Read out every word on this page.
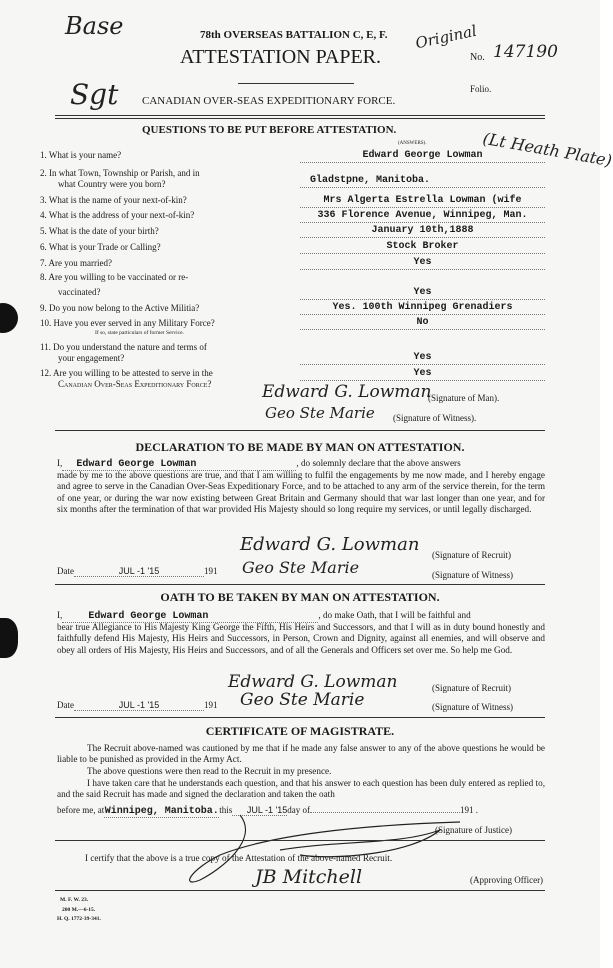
Base
Sgt
Original
78th OVERSEAS BATTALION C, E, F.
ATTESTATION PAPER.	No. 147190
Folio.
CANADIAN OVER-SEAS EXPEDITIONARY FORCE.
QUESTIONS TO BE PUT BEFORE ATTESTATION.
(ANSWERS).	(Lt Heath Plate)
1. What is your name?	Edward George Lowman
2. In what Town, Township or Parish, and in
what Country were you born?	Gladstpne, Manitoba.
3. What is the name of your next-of-kin?	Mrs Algerta Estrella Lowman (wife
4. What is the address of your next-of-kin?	336 Florence Avenue, Winnipeg, Man.
5. What is the date of your birth?	January 10th,1888
6. What is your Trade or Calling?	Stock Broker
7. Are you married?	Yes
8. Are you willing to be vaccinated or re-
vaccinated?	Yes
9. Do you now belong to the Active Militia?	Yes. 100th Winnipeg Grenadiers
10. Have you ever served in any Military Force?
If so, state particulars of former Service.
No
11. Do you understand the nature and terms of
your engagement?	Yes
12. Are you willing to be attested to serve in the
Canadian Over-Seas Expeditionary Force?
Yes
Edward G. Lowman
(Signature of Man).
Geo Ste Marie (Signature of Witness).
DECLARATION TO BE MADE BY MAN ON ATTESTATION.
I, Edward George Lowman	, do solemnly declare that the above answers
made by me to the above questions are true, and that I am willing to fulfil the engagements by me now made, and I hereby engage and agree to serve in the Canadian Over-Seas Expeditionary Force, and to be attached to any arm of the service therein, for the term of one year, or during the war now existing between Great Britain and Germany should that war last longer than one year, and for six months after the termination of that war provided His Majesty should so long require my services, or until legally discharged.
Edward G. Lowman (Signature of Recruit)
Date	JUL -1 '15	191 Geo Ste Marie	(Signature of Witness)
OATH TO BE TAKEN BY MAN ON ATTESTATION.
I,	Edward George Lowman	, do make Oath, that I will be faithful and
bear true Allegiance to His Majesty King George the Fifth, His Heirs and Successors, and that I will as in duty bound honestly and faithfully defend His Majesty, His Heirs and Successors, in Person, Crown and Dignity, against all enemies, and will observe and obey all orders of His Majesty, His Heirs and Successors, and of all the Generals and Officers set over me. So help me God.
Edward G. Lowman	(Signature of Recruit)
Date	JUL -1 '15	191 Geo Ste Marie	(Signature of Witness)
CERTIFICATE OF MAGISTRATE.
The Recruit above-named was cautioned by me that if he made any false answer to any of the above questions he would be liable to be punished as provided in the Army Act.
The above questions were then read to the Recruit in my presence.
I have taken care that he understands each question, and that his answer to each question has been duly entered as replied to, and the said Recruit has made and signed the declaration and taken the oath
before me, atWinnipeg, Manitoba.this JUL -1 '15day of	191 .
(Signature of Justice)
I certify that the above is a true copy of the Attestation of the above-named Recruit.
JB Mitchell	(Approving Officer)
M. F. W. 23.
200 M.—6-15.
H. Q. 1772-39-341.
